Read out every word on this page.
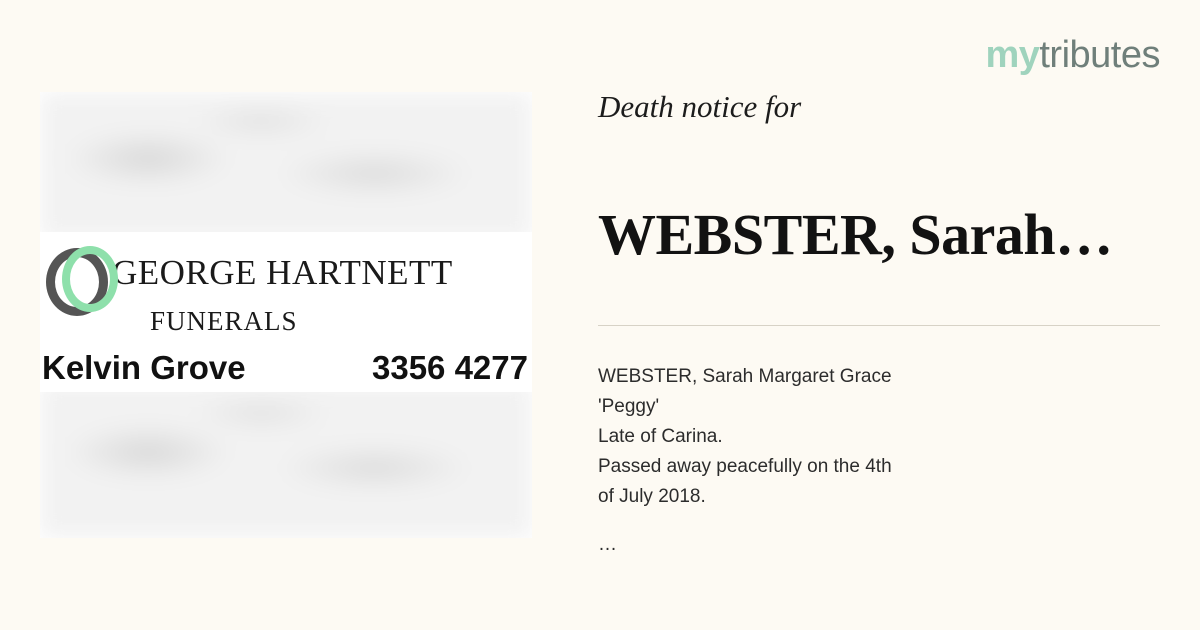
mytributes
GEORGE HARTNETT
FUNERALS
Kelvin Grove	3356 4277
Death notice for
WEBSTER, Sarah…
WEBSTER, Sarah Margaret Grace
'Peggy'
Late of Carina.
Passed away peacefully on the 4th
of July 2018.
…
